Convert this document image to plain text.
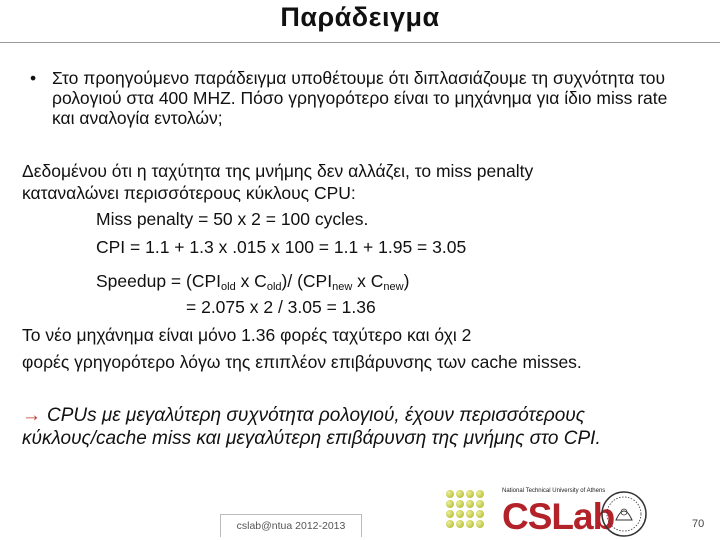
Παράδειγμα
• Στο προηγούμενο παράδειγμα υποθέτουμε ότι διπλασιάζουμε τη συχνότητα του ρολογιού στα 400 MHZ. Πόσο γρηγορότερο είναι το μηχάνημα για ίδιο miss rate και αναλογία εντολών;
Δεδομένου ότι η ταχύτητα της μνήμης δεν αλλάζει, το miss penalty
καταναλώνει περισσότερους κύκλους CPU:
Miss penalty = 50 x 2 = 100 cycles.
CPI = 1.1 + 1.3 x .015 x 100 = 1.1 + 1.95 = 3.05
Speedup = ($CPI_{old}$ x $C_{old})/$ ($CPI_{new}$ x $C_{new}$)
= 2.075 x 2 / 3.05 = 1.36
Το νέο μηχάνημα είναι μόνο 1.36 φορές ταχύτερο και όχι 2
φορές γρηγορότερο λόγω της επιπλέον επιβάρυνσης των cache misses.
→ CPUs με μεγαλύτερη συχνότητα ρολογιού, έχουν περισσότερους κύκλους/cache miss και μεγαλύτερη επιβάρυνση της μνήμης στο CPI.
cslab@ntua 2012-2013
National Technical University of Athens
CSLab	70
